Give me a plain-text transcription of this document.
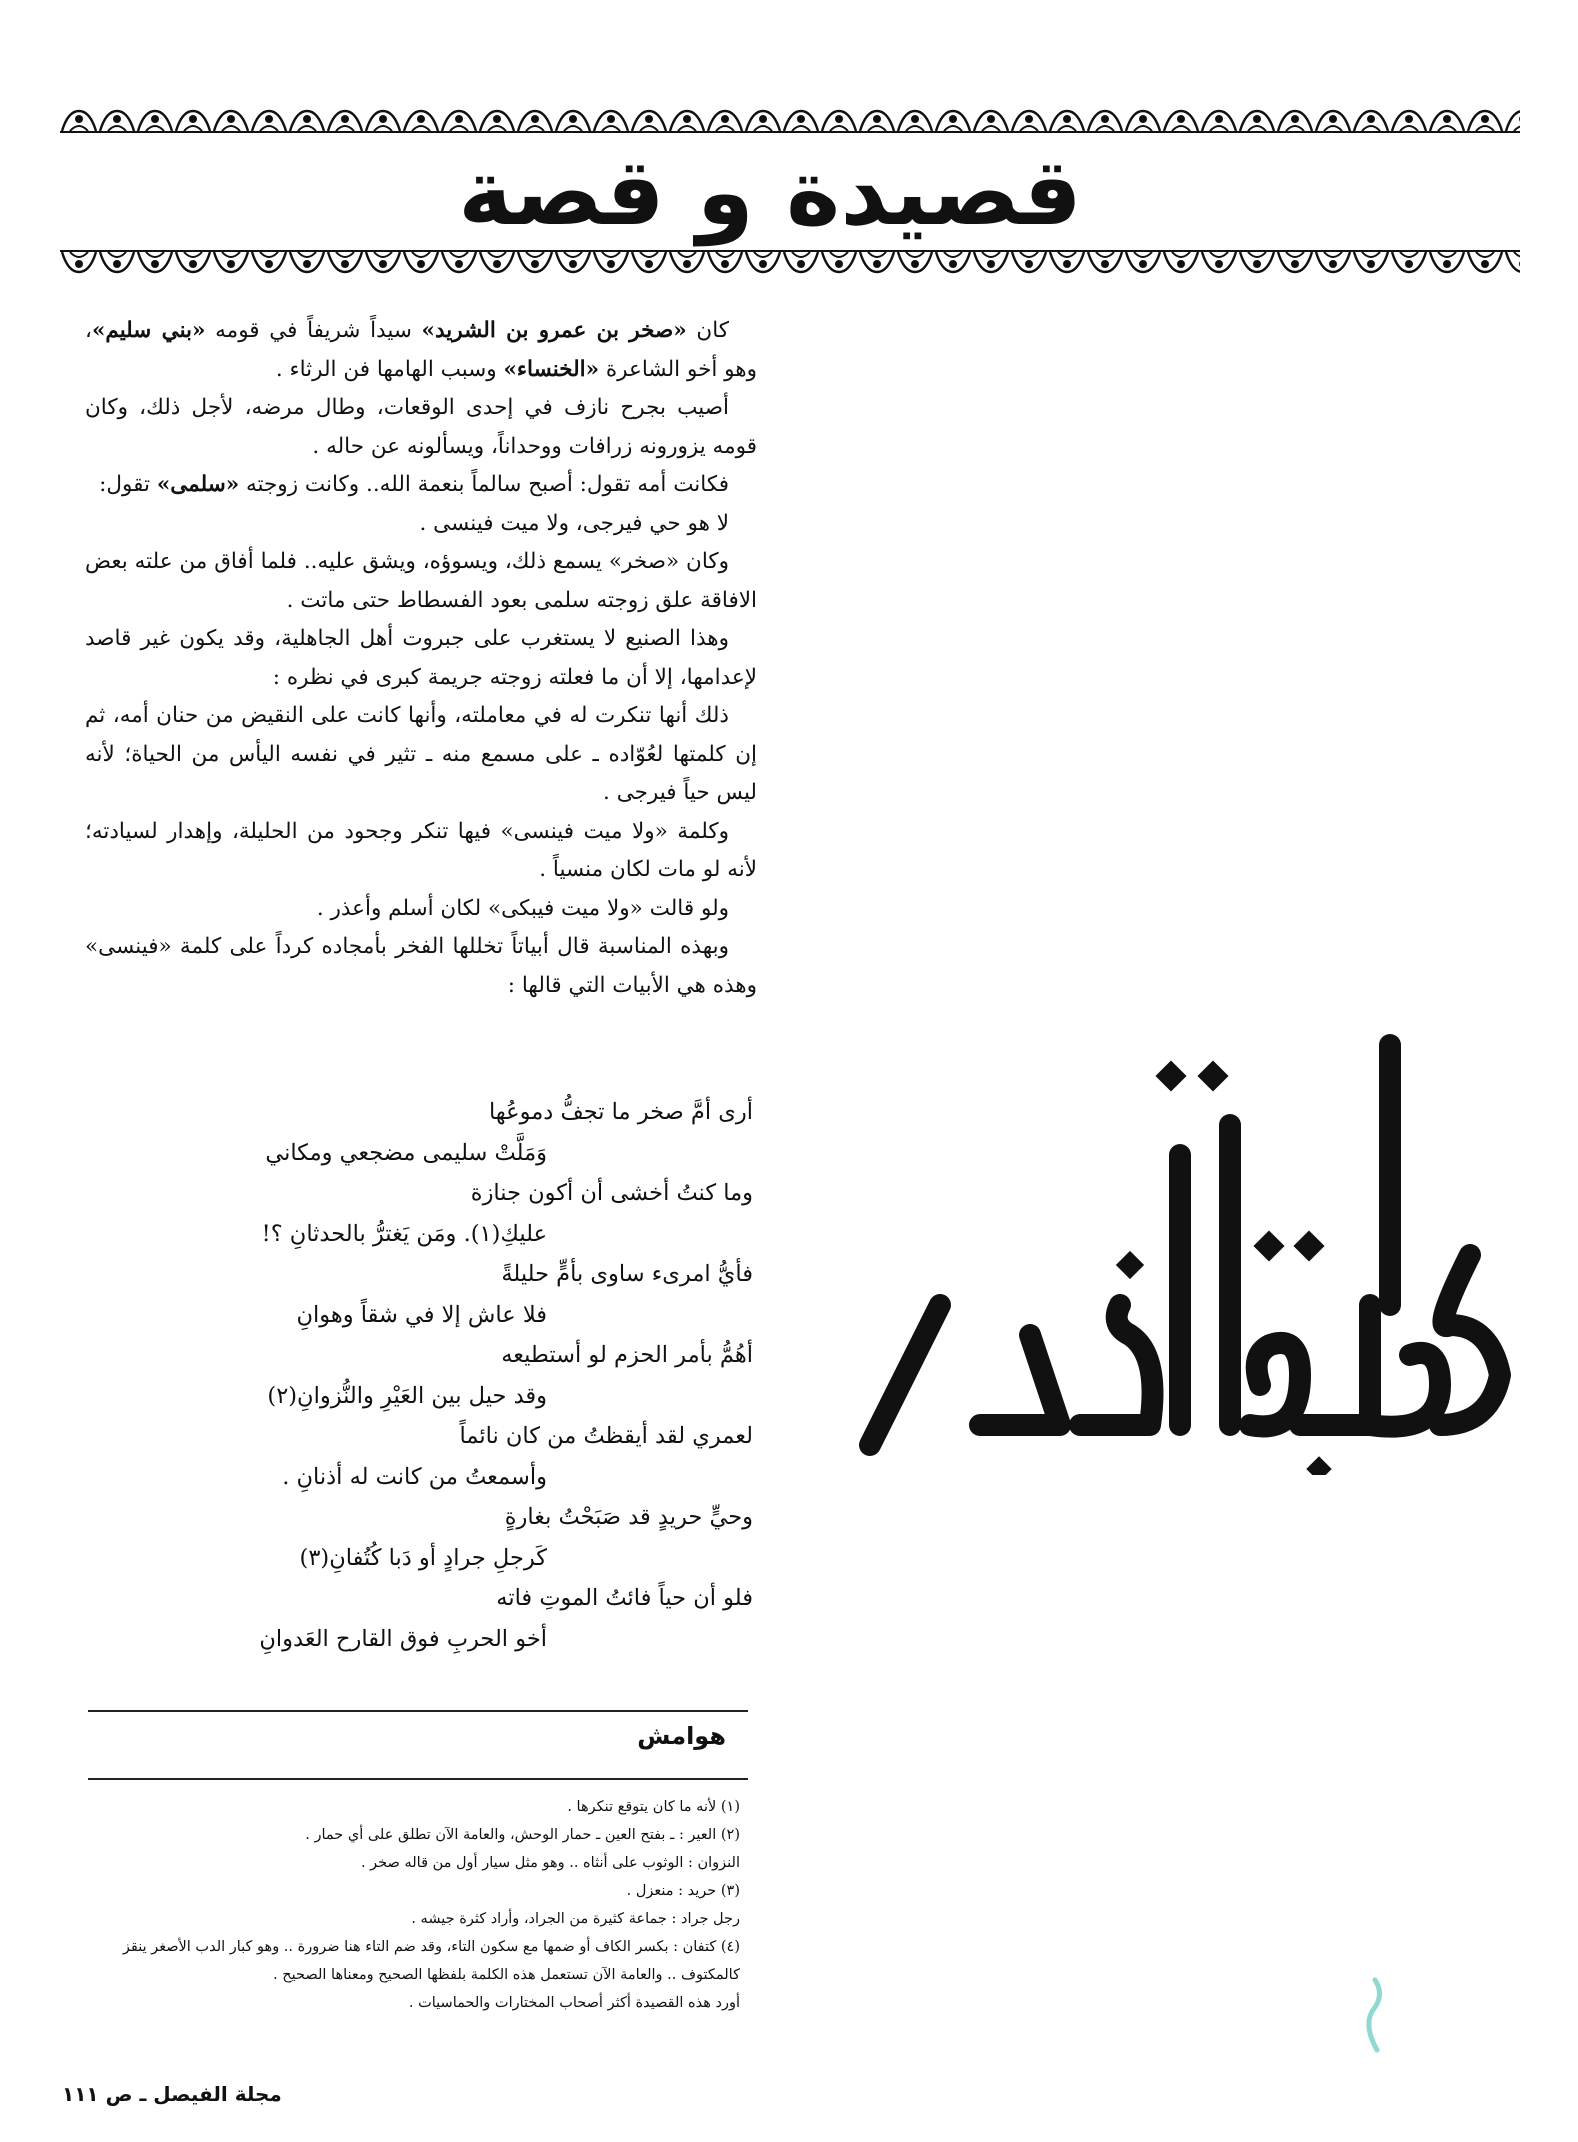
قصيدة و قصة

كان «صخر بن عمرو بن الشريد» سيداً شريفاً في قومه «بني سليم»، وهو أخو الشاعرة «الخنساء» وسبب الهامها فن الرثاء .

أصيب بجرح نازف في إحدى الوقعات، وطال مرضه، لأجل ذلك، وكان قومه يزورونه زرافات ووحداناً، ويسألونه عن حاله .

فكانت أمه تقول: أصبح سالماً بنعمة الله.. وكانت زوجته «سلمى» تقول:

لا هو حي فيرجى، ولا ميت فينسى .

وكان «صخر» يسمع ذلك، ويسوؤه، ويشق عليه.. فلما أفاق من علته بعض الافاقة علق زوجته سلمى بعود الفسطاط حتى ماتت .

وهذا الصنيع لا يستغرب على جبروت أهل الجاهلية، وقد يكون غير قاصد لإعدامها، إلا أن ما فعلته زوجته جريمة كبرى في نظره :

ذلك أنها تنكرت له في معاملته، وأنها كانت على النقيض من حنان أمه، ثم إن كلمتها لعُوّاده ـ على مسمع منه ـ تثير في نفسه اليأس من الحياة؛ لأنه ليس حياً فيرجى .

وكلمة «ولا ميت فينسى» فيها تنكر وجحود من الحليلة، وإهدار لسيادته؛ لأنه لو مات لكان منسياً .

ولو قالت «ولا ميت فيبكى» لكان أسلم وأعذر .

وبهذه المناسبة قال أبياتاً تخللها الفخر بأمجاده كرداً على كلمة «فينسى» وهذه هي الأبيات التي قالها :

أرى أمَّ صخر ما تجفُّ دموعُها
وَمَلَّتْ سليمى مضجعي ومكاني
وما كنتُ أخشى أن أكون جنازة
عليكِ(١). ومَن يَغترُّ بالحدثانِ ؟!
فأيُّ امرىء ساوى بأمٍّ حليلةً
فلا عاش إلا في شقاً وهوانِ
أهُمُّ بأمر الحزم لو أستطيعه
وقد حيل بين العَيْرِ والنُّزوانِ(٢)
لعمري لقد أيقظتُ من كان نائماً
وأسمعتُ من كانت له أذنانِ .
وحيٍّ حريدٍ قد صَبَحْتُ بغارةٍ
كَرجلِ جرادٍ أو دَبا كُتُفانِ(٣)
فلو أن حياً فائتُ الموتِ فاته
أخو الحربِ فوق القارح العَدوانِ
هوامش
(١) لأنه ما كان يتوقع تنكرها .
(٢) العير : ـ بفتح العين ـ حمار الوحش، والعامة الآن تطلق على أي حمار .
النزوان : الوثوب على أنثاه .. وهو مثل سيار أول من قاله صخر .
(٣) حريد : منعزل .
رجل جراد : جماعة كثيرة من الجراد، وأراد كثرة جيشه .
(٤) كتفان : بكسر الكاف أو ضمها مع سكون التاء، وقد ضم التاء هنا ضرورة .. وهو كبار الدب الأصغر ينقز كالمكتوف .. والعامة الآن تستعمل هذه الكلمة بلفظها الصحيح ومعناها الصحيح .
أورد هذه القصيدة أكثر أصحاب المختارات والحماسيات .
مجلة الفيصل ـ ص ١١١
